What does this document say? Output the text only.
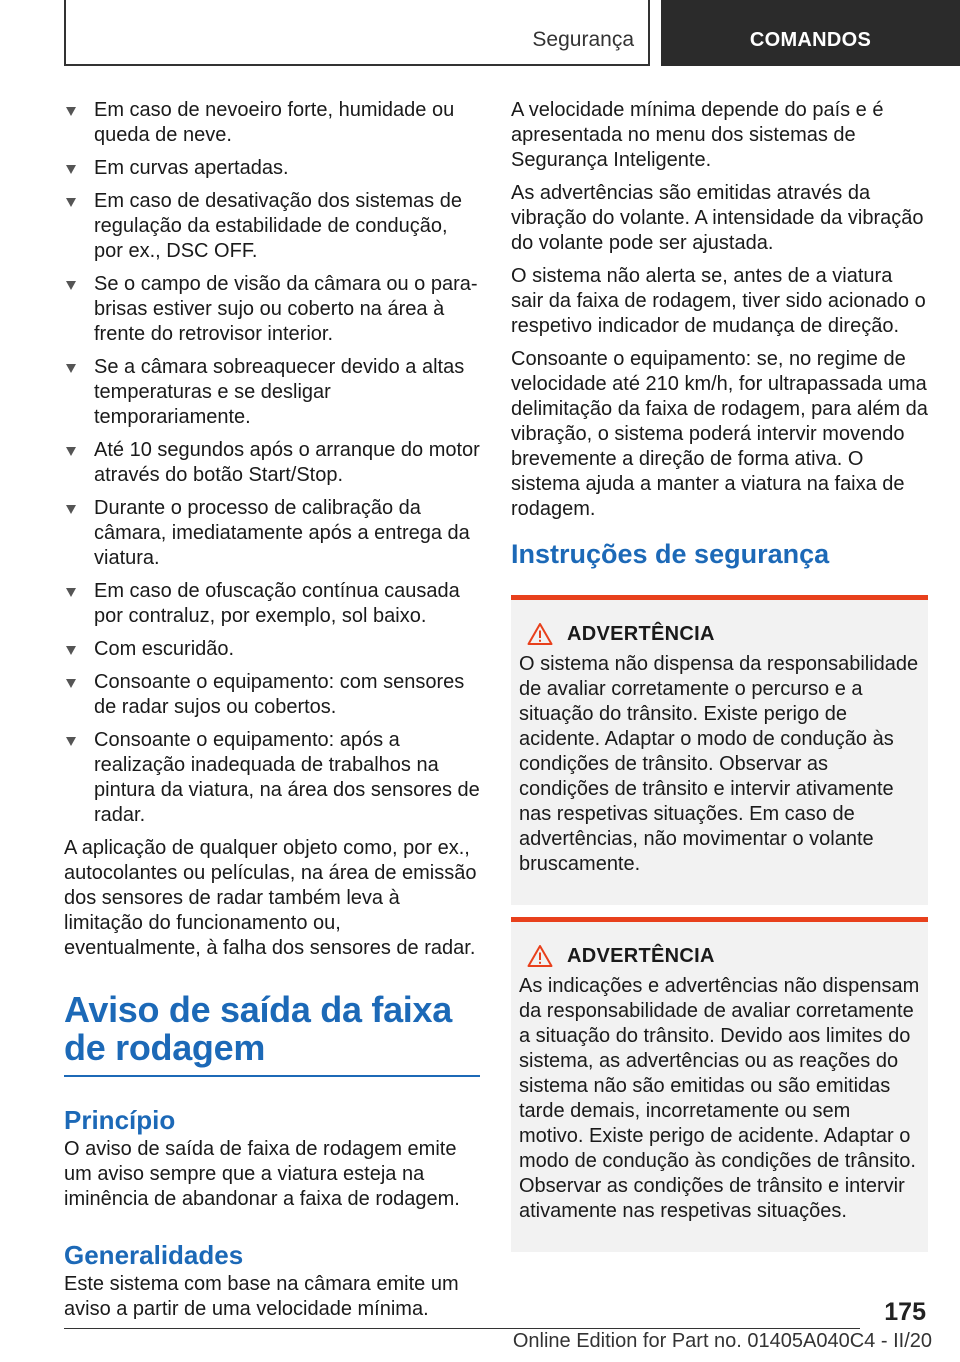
Segurança	COMANDOS
Em caso de nevoeiro forte, humidade ou queda de neve.
Em curvas apertadas.
Em caso de desativação dos sistemas de regulação da estabilidade de condução, por ex., DSC OFF.
Se o campo de visão da câmara ou o para-brisas estiver sujo ou coberto na área à frente do retrovisor interior.
Se a câmara sobreaquecer devido a altas temperaturas e se desligar temporariamente.
Até 10 segundos após o arranque do motor através do botão Start/Stop.
Durante o processo de calibração da câmara, imediatamente após a entrega da viatura.
Em caso de ofuscação contínua causada por contraluz, por exemplo, sol baixo.
Com escuridão.
Consoante o equipamento: com sensores de radar sujos ou cobertos.
Consoante o equipamento: após a realização inadequada de trabalhos na pintura da viatura, na área dos sensores de radar.

A aplicação de qualquer objeto como, por ex., autocolantes ou películas, na área de emissão dos sensores de radar também leva à limitação do funcionamento ou, eventualmente, à falha dos sensores de radar.

Aviso de saída da faixa de rodagem
Princípio

O aviso de saída de faixa de rodagem emite um aviso sempre que a viatura esteja na iminência de abandonar a faixa de rodagem.

Generalidades

Este sistema com base na câmara emite um aviso a partir de uma velocidade mínima.

A velocidade mínima depende do país e é apresentada no menu dos sistemas de Segurança Inteligente.

As advertências são emitidas através da vibração do volante. A intensidade da vibração do volante pode ser ajustada.

O sistema não alerta se, antes de a viatura sair da faixa de rodagem, tiver sido acionado o respetivo indicador de mudança de direção.

Consoante o equipamento: se, no regime de velocidade até 210 km/h, for ultrapassada uma delimitação da faixa de rodagem, para além da vibração, o sistema poderá intervir movendo brevemente a direção de forma ativa. O sistema ajuda a manter a viatura na faixa de rodagem.

Instruções de segurança
ADVERTÊNCIA

O sistema não dispensa da responsabilidade de avaliar corretamente o percurso e a situação do trânsito. Existe perigo de acidente. Adaptar o modo de condução às condições de trânsito. Observar as condições de trânsito e intervir ativamente nas respetivas situações. Em caso de advertências, não movimentar o volante bruscamente.

ADVERTÊNCIA

As indicações e advertências não dispensam da responsabilidade de avaliar corretamente a situação do trânsito. Devido aos limites do sistema, as advertências ou as reações do sistema não são emitidas ou são emitidas tarde demais, incorretamente ou sem motivo. Existe perigo de acidente. Adaptar o modo de condução às condições de trânsito. Observar as condições de trânsito e intervir ativamente nas respetivas situações.

175
Online Edition for Part no. 01405A040C4 - II/20
